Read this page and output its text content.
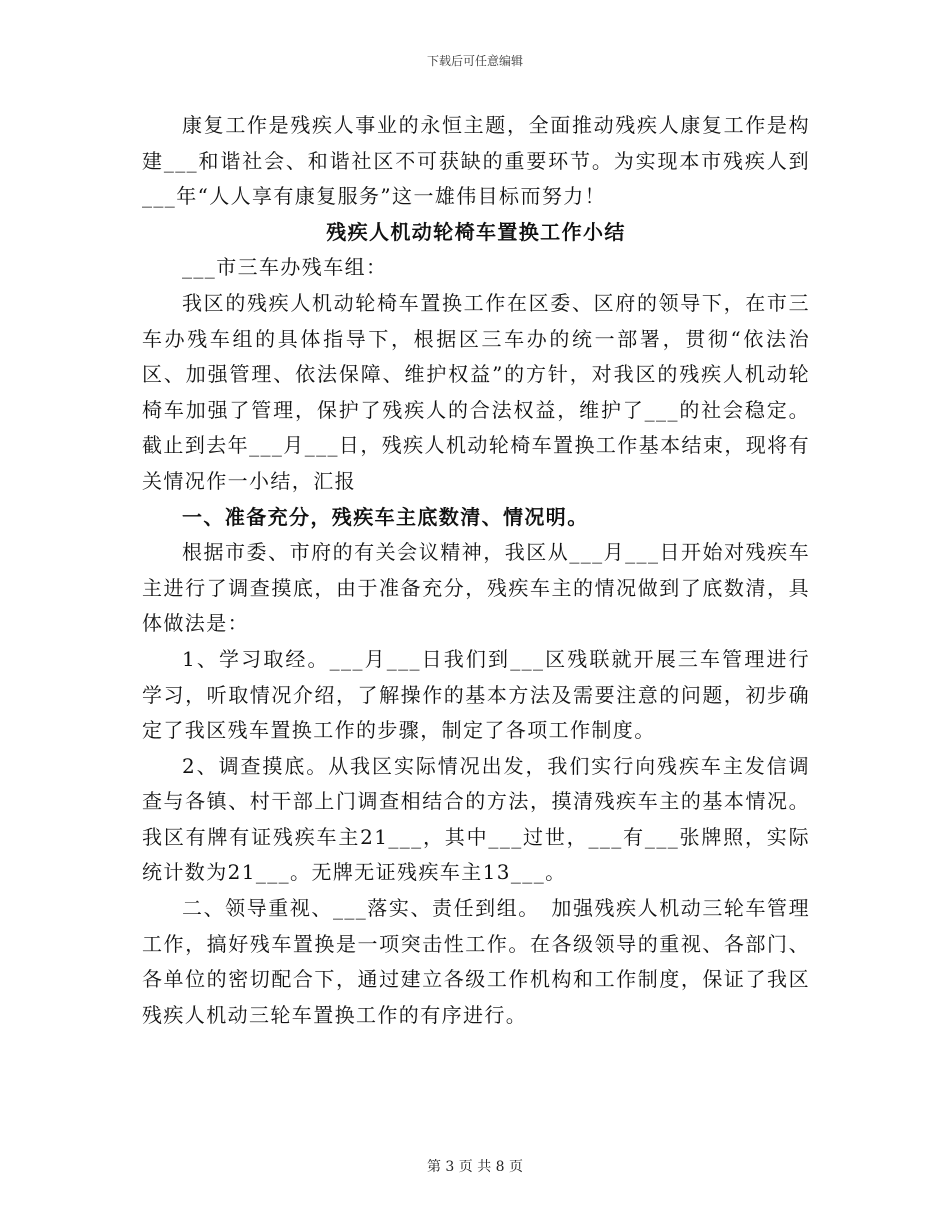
下载后可任意编辑

康复工作是残疾人事业的永恒主题，全面推动残疾人康复工作是构建___和谐社会、和谐社区不可获缺的重要环节。为实现本市残疾人到___年“人人享有康复服务”这一雄伟目标而努力！

残疾人机动轮椅车置换工作小结

___市三车办残车组：

我区的残疾人机动轮椅车置换工作在区委、区府的领导下，在市三车办残车组的具体指导下，根据区三车办的统一部署，贯彻“依法治区、加强管理、依法保障、维护权益”的方针，对我区的残疾人机动轮椅车加强了管理，保护了残疾人的合法权益，维护了___的社会稳定。截止到去年___月___日，残疾人机动轮椅车置换工作基本结束，现将有关情况作一小结，汇报

一、准备充分，残疾车主底数清、情况明。

根据市委、市府的有关会议精神，我区从___月___日开始对残疾车主进行了调查摸底，由于准备充分，残疾车主的情况做到了底数清，具体做法是：

1、学习取经。___月___日我们到___区残联就开展三车管理进行学习，听取情况介绍，了解操作的基本方法及需要注意的问题，初步确定了我区残车置换工作的步骤，制定了各项工作制度。

2、调查摸底。从我区实际情况出发，我们实行向残疾车主发信调查与各镇、村干部上门调查相结合的方法，摸清残疾车主的基本情况。我区有牌有证残疾车主21___，其中___过世，___有___张牌照，实际统计数为21___。无牌无证残疾车主13___。

二、领导重视、___落实、责任到组。　加强残疾人机动三轮车管理工作，搞好残车置换是一项突击性工作。在各级领导的重视、各部门、各单位的密切配合下，通过建立各级工作机构和工作制度，保证了我区残疾人机动三轮车置换工作的有序进行。

第 3 页 共 8 页
